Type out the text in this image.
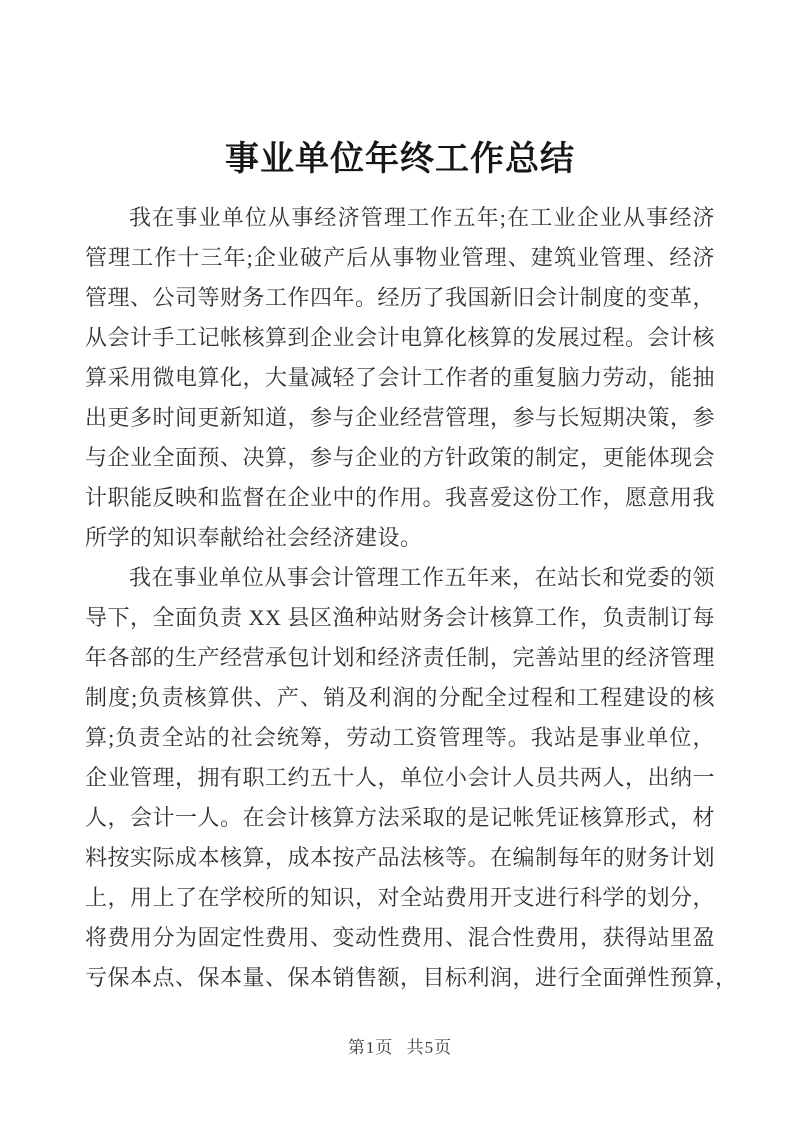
事业单位年终工作总结
我在事业单位从事经济管理工作五年;在工业企业从事经济
管理工作十三年;企业破产后从事物业管理、建筑业管理、经济
管理、公司等财务工作四年。经历了我国新旧会计制度的变革，
从会计手工记帐核算到企业会计电算化核算的发展过程。会计核
算采用微电算化，大量减轻了会计工作者的重复脑力劳动，能抽
出更多时间更新知道，参与企业经营管理，参与长短期决策，参
与企业全面预、决算，参与企业的方针政策的制定，更能体现会
计职能反映和监督在企业中的作用。我喜爱这份工作，愿意用我
所学的知识奉献给社会经济建设。
我在事业单位从事会计管理工作五年来，在站长和党委的领
导下，全面负责 XX 县区渔种站财务会计核算工作，负责制订每
年各部的生产经营承包计划和经济责任制，完善站里的经济管理
制度;负责核算供、产、销及利润的分配全过程和工程建设的核
算;负责全站的社会统筹，劳动工资管理等。我站是事业单位，
企业管理，拥有职工约五十人，单位小会计人员共两人，出纳一
人，会计一人。在会计核算方法采取的是记帐凭证核算形式，材
料按实际成本核算，成本按产品法核等。在编制每年的财务计划
上，用上了在学校所的知识，对全站费用开支进行科学的划分，
将费用分为固定性费用、变动性费用、混合性费用，获得站里盈
亏保本点、保本量、保本销售额，目标利润，进行全面弹性预算，
第1页 共5页
